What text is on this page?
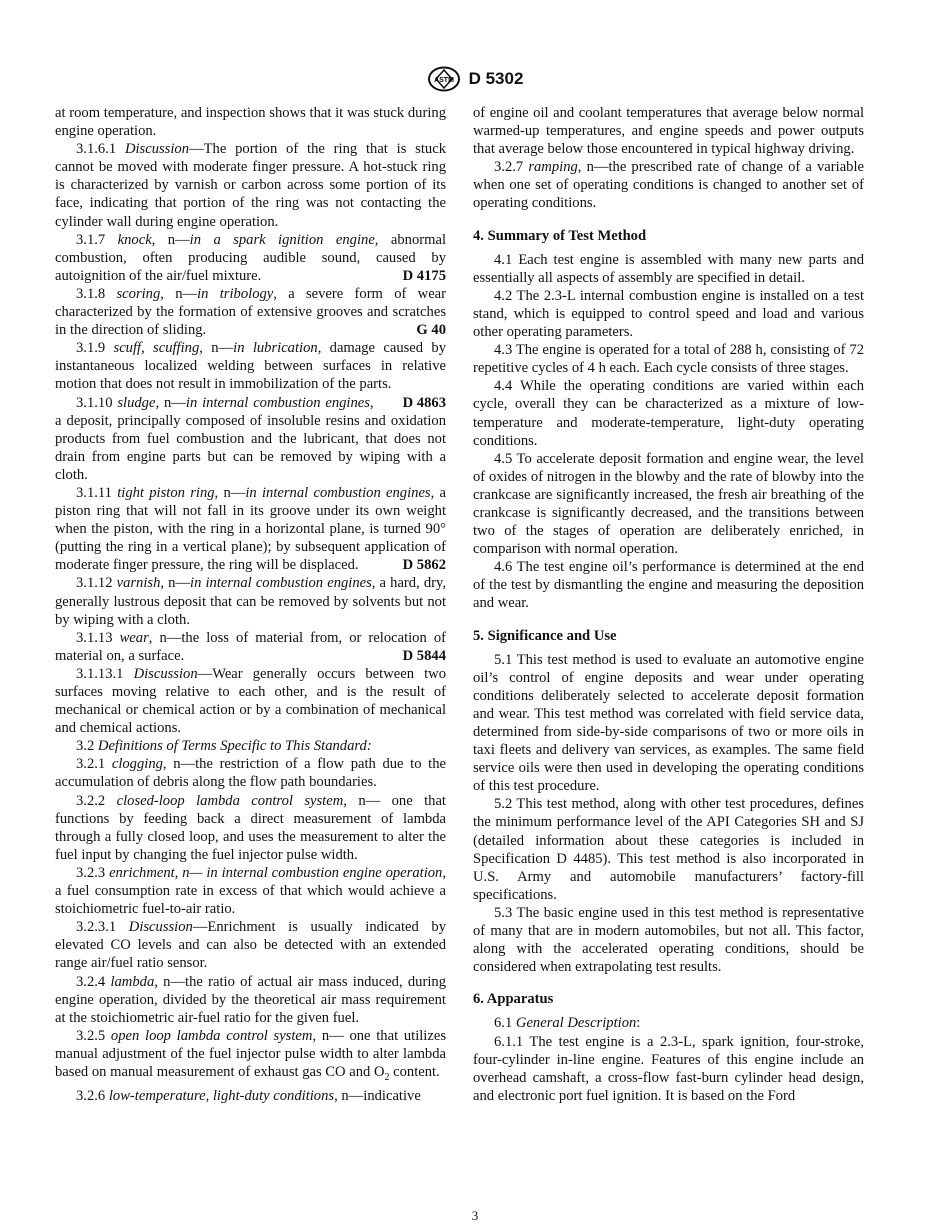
ASTM D 5302

at room temperature, and inspection shows that it was stuck during engine operation.

3.1.6.1 Discussion—The portion of the ring that is stuck cannot be moved with moderate finger pressure. A hot-stuck ring is characterized by varnish or carbon across some portion of its face, indicating that portion of the ring was not contacting the cylinder wall during engine operation.

3.1.7 knock, n—in a spark ignition engine, abnormal combustion, often producing audible sound, caused by autoignition of the air/fuel mixture.	D 4175

3.1.8 scoring, n—in tribology, a severe form of wear characterized by the formation of extensive grooves and scratches in the direction of sliding.	G 40

3.1.9 scuff, scuffing, n—in lubrication, damage caused by instantaneous localized welding between surfaces in relative motion that does not result in immobilization of the parts.
D 4863

3.1.10 sludge, n—in internal combustion engines, a deposit, principally composed of insoluble resins and oxidation products from fuel combustion and the lubricant, that does not drain from engine parts but can be removed by wiping with a cloth.

3.1.11 tight piston ring, n—in internal combustion engines, a piston ring that will not fall in its groove under its own weight when the piston, with the ring in a horizontal plane, is turned 90° (putting the ring in a vertical plane); by subsequent application of moderate finger pressure, the ring will be displaced.	D 5862

3.1.12 varnish, n—in internal combustion engines, a hard, dry, generally lustrous deposit that can be removed by solvents but not by wiping with a cloth.

3.1.13 wear, n—the loss of material from, or relocation of material on, a surface.	D 5844

3.1.13.1 Discussion—Wear generally occurs between two surfaces moving relative to each other, and is the result of mechanical or chemical action or by a combination of mechanical and chemical actions.

3.2 Definitions of Terms Specific to This Standard:

3.2.1 clogging, n—the restriction of a flow path due to the accumulation of debris along the flow path boundaries.

3.2.2 closed-loop lambda control system, n— one that functions by feeding back a direct measurement of lambda through a fully closed loop, and uses the measurement to alter the fuel input by changing the fuel injector pulse width.

3.2.3 enrichment, n— in internal combustion engine operation, a fuel consumption rate in excess of that which would achieve a stoichiometric fuel-to-air ratio.

3.2.3.1 Discussion—Enrichment is usually indicated by elevated CO levels and can also be detected with an extended range air/fuel ratio sensor.

3.2.4 lambda, n—the ratio of actual air mass induced, during engine operation, divided by the theoretical air mass requirement at the stoichiometric air-fuel ratio for the given fuel.

3.2.5 open loop lambda control system, n— one that utilizes manual adjustment of the fuel injector pulse width to alter lambda based on manual measurement of exhaust gas CO and $O_2$ content.

3.2.6 low-temperature, light-duty conditions, n—indicative

of engine oil and coolant temperatures that average below normal warmed-up temperatures, and engine speeds and power outputs that average below those encountered in typical highway driving.

3.2.7 ramping, n—the prescribed rate of change of a variable when one set of operating conditions is changed to another set of operating conditions.

4. Summary of Test Method

4.1 Each test engine is assembled with many new parts and essentially all aspects of assembly are specified in detail.

4.2 The 2.3-L internal combustion engine is installed on a test stand, which is equipped to control speed and load and various other operating parameters.

4.3 The engine is operated for a total of 288 h, consisting of 72 repetitive cycles of 4 h each. Each cycle consists of three stages.

4.4 While the operating conditions are varied within each cycle, overall they can be characterized as a mixture of low-temperature and moderate-temperature, light-duty operating conditions.

4.5 To accelerate deposit formation and engine wear, the level of oxides of nitrogen in the blowby and the rate of blowby into the crankcase are significantly increased, the fresh air breathing of the crankcase is significantly decreased, and the transitions between two of the stages of operation are deliberately enriched, in comparison with normal operation.

4.6 The test engine oil’s performance is determined at the end of the test by dismantling the engine and measuring the deposition and wear.

5. Significance and Use

5.1 This test method is used to evaluate an automotive engine oil’s control of engine deposits and wear under operating conditions deliberately selected to accelerate deposit formation and wear. This test method was correlated with field service data, determined from side-by-side comparisons of two or more oils in taxi fleets and delivery van services, as examples. The same field service oils were then used in developing the operating conditions of this test procedure.

5.2 This test method, along with other test procedures, defines the minimum performance level of the API Categories SH and SJ (detailed information about these categories is included in Specification D 4485). This test method is also incorporated in U.S. Army and automobile manufacturers’ factory-fill specifications.

5.3 The basic engine used in this test method is representative of many that are in modern automobiles, but not all. This factor, along with the accelerated operating conditions, should be considered when extrapolating test results.

6. Apparatus

6.1 General Description:

6.1.1 The test engine is a 2.3-L, spark ignition, four-stroke, four-cylinder in-line engine. Features of this engine include an overhead camshaft, a cross-flow fast-burn cylinder head design, and electronic port fuel ignition. It is based on the Ford

3
